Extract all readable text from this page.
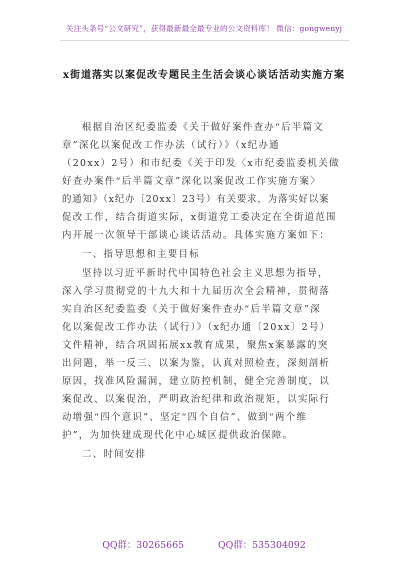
关注头条号“公文研究”，获得最新最全最专业的公文资料库！ 微信：gongwenyj
x街道落实以案促改专题民主生活会谈心谈话活动实施方案
根据自治区纪委监委《关于做好案件查办“后半篇文
章”深化以案促改工作办法（试行）》（x纪办通
（20xx）2号）和市纪委《关于印发〈x市纪委监委机关做
好查办案件“后半篇文章”深化以案促改工作实施方案〉
的通知》（x纪办〔20xx〕23号）有关要求，为落实好以案
促改工作，结合街道实际，x街道党工委决定在全街道范围
内开展一次领导干部谈心谈话活动。具体实施方案如下：
一、指导思想和主要目标
坚持以习近平新时代中国特色社会主义思想为指导，
深入学习贯彻党的十九大和十九届历次全会精神，贯彻落
实自治区纪委监委《关于做好案件查办“后半篇文章”深
化以案促改工作办法（试行）》（x纪办通〔20xx〕2号）
文件精神，结合巩固拓展xx教育成果，聚焦x案暴露的突
出问题，举一反三、以案为鉴，认真对照检查，深刻剖析
原因，找准风险漏洞，建立防控机制，健全完善制度，以
案促改、以案促治，严明政治纪律和政治规矩，以实际行
动增强“四个意识”、坚定“四个自信”、做到“两个维
护”，为加快建成现代化中心城区提供政治保障。
二、时间安排
QQ群：30265665	QQ群：535304092
